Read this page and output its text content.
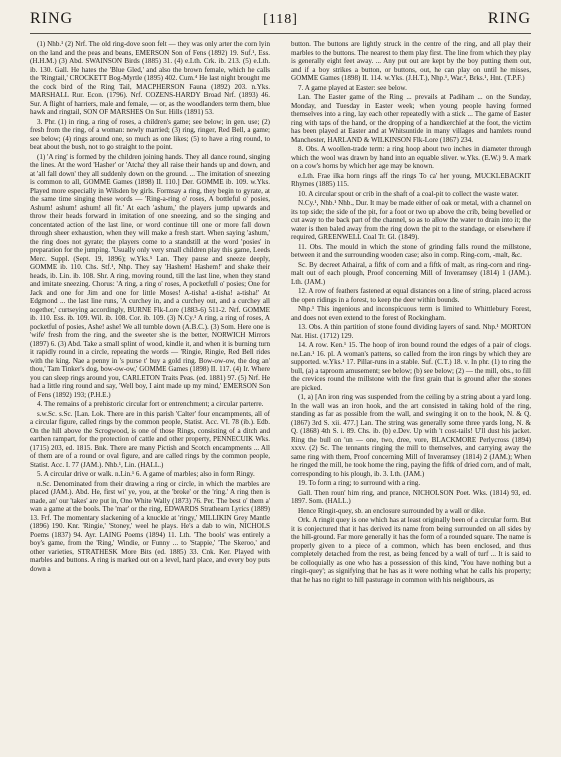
RING	[118]	RING

(1) Nhb.¹ (2) Nrf. The old ring-dove soon felt — they was only arter the corn lyin on the land and the peas and beans, EMERSON Son of Fens (1892) 19. Suf.¹, Ess. (H.H.M.) (3) Abd. SWAINSON Birds (1885) 31. (4) e.Lth. Crk. ib. 213. (5) e.Lth. ib. 130. Gall. He hates the 'Blue Gled,' and also the brown female, which he calls the 'Ringtail,' CROCKETT Bog-Myrtle (1895) 402. Cum.⁴ He last night brought me the cock bird of the Ring Tail, MACPHERSON Fauna (1892) 203. n.Yks. MARSHALL Rur. Econ. (1796). Nrf. COZENS-HARDY Broad Nrf. (1893) 46. Sur. A flight of harriers, male and female, — or, as the woodlanders term them, blue hawk and ringtail, SON OF MARSHES On Sur. Hills (1891) 53.

3. Phr. (1) in ring, a ring of roses, a children's game; see below; in gen. use; (2) fresh from the ring, of a woman: newly married; (3) ring, ringer, Red Bell, a game; see below; (4) rings around one, so much as one likes; (5) to have a ring round, to beat about the bush, not to go straight to the point.

(1) 'A ring' is formed by the children joining hands. They all dance round, singing the lines. At the word 'Hasher' or 'Atcha' they all raise their hands up and down, and at 'all fall down' they all suddenly down on the ground. ... The imitation of sneezing is common to all, GOMME Games (1898) II. 110.] Der. GOMME ib. 109. w.Yks. Played more especially in Wilsden by girls. Formsay a ring, they begin to gyrate, at the same time singing these words — 'Ring-a-ring o' roses, A bottleful o' posies, Ashum! ashum! ashum! all fit.' At each 'ashum,' the players jump upwards and throw their heads forward in imitation of one sneezing, and so the singing and concentated action of the last line, or word continue till one or more fall down through sheer exhaustion, when they will make a fresh start. When saying 'ashum,' the ring does not gyrate; the players come to a standstill at the word 'posies' in preparation for the jumping. 'Usually only very small children play this game, Leeds Merc. Suppl. (Sept. 19, 1896); w.Yks.⁵ Lan. They pause and sneeze deeply, GOMME ib. 110. Chs. Stf.¹, Nhp. They say 'Hashem! Hashem!' and shake their heads, ib. Lin. ib. 108. Shr. A ring, moving round, till the last line, when they stand and imitate sneezing. Chorus: 'A ring, a ring o' roses, A pocketfull o' posies; One for Jack and one for Jim and one for little Moses! A-tisha! a-tisha! a-tisha!' At Edgmond ... the last line runs, 'A curchey in, and a curchey out, and a curchey all together,' curtseying accordingly, BURNE Flk-Lore (1883-6) 511-2. Nrf. GOMME ib. 110. Ess. ib. 109. Wil. ib. 108. Cor. ib. 109. (3) N.Cy.¹ A ring, a ring of roses, A pocketful of posies, Ashe! ashe! We all tumble down (A.B.C.). (3) Som. Here one is 'wife' fresh from the ring, and the sweeter she is the better, NORWICH Mirrors (1897) 6. (3) Abd. Take a small splint of wood, kindle it, and when it is burning turn it rapidly round in a circle, repeating the words — 'Ringie, Ringie, Red Bell rides with the king. Nae a penny in 's purse t' buy a gold ring. Bow-ow-ow, the dog an' thou,' Tam Tinker's dog, bow-ow-ow,' GOMME Games (1898) II. 117. (4) Ir. Where you can sleep rings around you, CARLETON Traits Peas. (ed. 1881) 97. (5) Nrf. He had a little ring round and say, 'Well boy, I aint made up my mind,' EMERSON Son of Fens (1892) 193; (P.H.E.)

4. The remains of a prehistoric circular fort or entrenchment; a circular parterre.

s.w.Sc. s.Sc. [Lan. Lok. There are in this parish 'Calter' four encampments, all of a circular figure, called rings by the common people, Statist. Acc. VI. 78 (ib.). Edb. On the hill above the Scrogwood, is one of those Rings, consisting of a ditch and earthen rampart, for the protection of cattle and other property, PENNECUIK Wks. (1715) 203, ed. 1815. Bnk. There are many Pictish and Scotch encampments ... All of them are of a round or oval figure, and are called rings by the common people, Statist. Acc. I. 77 (JAM.). Nhb.¹, Lin. (HALL.)

5. A circular drive or walk. n.Lin.¹ 6. A game of marbles; also in form Ringy.

n.Sc. Denominated from their drawing a ring or circle, in which the marbles are placed (JAM.). Abd. He, first wi' ye, you, at the 'broke' or the 'ring.' A ring then is made, an' our 'takes' are put in, Ono White Wally (1873) 76. Per. The best o' them a' wan a game at the bools. The 'mar' or the ring, EDWARDS Strathearn Lyrics (1889) 13. Frf. The momentary slackening of a knuckle at 'ringy,' MILLIKIN Grey Mantle (1896) 190. Knr. 'Ringie,' 'Stoney,' weel he plays. He's a dab to win, NICHOLS Poems (1837) 94. Ayr. LAING Poems (1894) 11. Lth. 'The bools' was entirely a boy's game, from the 'Ring,' Windie, or Funny ... to 'Stappie,' 'The Skeroo,' and other varieties, STRATHESK More Bits (ed. 1885) 33. Cnk. Ker. Played with marbles and buttons. A ring is marked out on a level, hard place, and every boy puts down a

button. The buttons are lightly struck in the centre of the ring, and all play their marbles to the buttons. The nearest to them play first. The line from which they play is generally eight feet away. ... Any put out are kept by the boy putting them out, and if a boy strikes a button, or buttons, out, he can play on until he misses, GOMME Games (1898) II. 114. w.Yks. (J.H.T.), Nhp.¹, War.², Brks.¹, Hnt. (T.P.F.)

7. A game played at Easter: see below.

Lan. The Easter game of the Ring ... prevails at Padiham ... on the Sunday, Monday, and Tuesday in Easter week; when young people having formed themselves into a ring, lay each other repeatedly with a stick ... The game of Easter ring with taps of the hand, or the dropping of a handkerchief at the foot, the victim has been played at Easter and at Whitsuntide in many villages and hamlets round Manchester, HARLAND & WILKINSON Flk-Lore (1867) 234.

8. Obs. A woollen-trade term: a ring hoop about two inches in diameter through which the wool was drawn by hand into an equable sliver. w.Yks. (E.W.) 9. A mark on a cow's horns by which her age may be known.

e.Lth. Frae ilka horn rings aff the rings To ca' her young, MUCKLEBACKIT Rhymes (1885) 115.

10. A circular spout or crib in the shaft of a coal-pit to collect the waste water.

N.Cy.¹, Nhb.¹ Nhb., Dur. It may be made either of oak or metal, with a channel on its top side; the side of the pit, for a foot or two up above the crib, being bevelled or cut away to the back part of the channel, so as to allow the water to drain into it; the water is then baled away from the ring down the pit to the standage, or elsewhere if required, GREENWELL Coal Tr. Gl. (1849).

11. Obs. The mould in which the stone of grinding falls round the millstone, between it and the surrounding wooden case; also in comp. Ring-corn, -malt, &c.

Sc. By decreet Athairal, a fiftk of corn and a fiftk of malt, as ring-corn and ring-malt out of each plough, Proof concerning Mill of Inveramsey (1814) 1 (JAM.). Lth. (JAM.)

12. A row of feathers fastened at equal distances on a line of string, placed across the open ridings in a forest, to keep the deer within bounds.

Nhp.¹ This ingenious and inconspicuous term is limited to Whittlebury Forest, and does not even extend to the forest of Rockingham.

13. Obs. A thin partition of stone found dividing layers of sand. Nhp.¹ MORTON Nat. Hist. (1712) 129.

14. A row. Ken.¹ 15. The hoop of iron bound round the edges of a pair of clogs. ne.Lan.¹ 16. pl. A woman's pattens, so called from the iron rings by which they are supported. w.Yks.¹ 17. Pillar-runs in a stable. Suf. (C.T.) 18. v. In phr. (1) to ring the bull, (a) a taproom amusement; see below; (b) see below; (2) — the mill, obs., to fill the crevices round the millstone with the first grain that is ground after the stones are picked.

(1, a) [An iron ring was suspended from the ceiling by a string about a yard long. In the wall was an iron hook, and the art consisted in taking hold of the ring, standing as far as possible from the wall, and swinging it on to the hook, N. & Q. (1867) 3rd S. xii. 477.] Lan. The string was generally some three yards long, N. & Q. (1868) 4th S. i. 89. Chs. ib. (b) e.Dev. Up with 't cost-tails! U'll dust his jacket. Ring the bull on 'un — one, two, dree, vore, BLACKMORE Perlycross (1894) xxxv. (2) Sc. The tennants ringing the mill to themselves, and carrying away the same ring with them, Proof concerning Mill of Inveramsey (1814) 2 (JAM.); When he ringed the mill, he took home the ring, paying the fiftk of dried corn, and of malt, corresponding to his plough, ib. 3. Lth. (JAM.)

19. To form a ring; to surround with a ring.

Gall. Then roun' him ring, and prance, NICHOLSON Poet. Wks. (1814) 93, ed. 1897. Som. (HALL.)

Hence Ringit-quey, sb. an enclosure surrounded by a wall or dike.

Ork. A ringit quey is one which has at least originally been of a circular form. But it is conjectured that it has derived its name from being surrounded on all sides by the hill-ground. Far more generally it has the form of a rounded square. The name is properly given to a piece of a common, which has been enclosed, and thus completely detached from the rest, as being fenced by a wall of turf ... It is said to be colloquially as one who has a possession of this kind, 'You have nothing but a ringit-quey'; as signifying that he has as it were nothing what he calls his property; that he has no right to hill pasturage in common with his neighbours, as
